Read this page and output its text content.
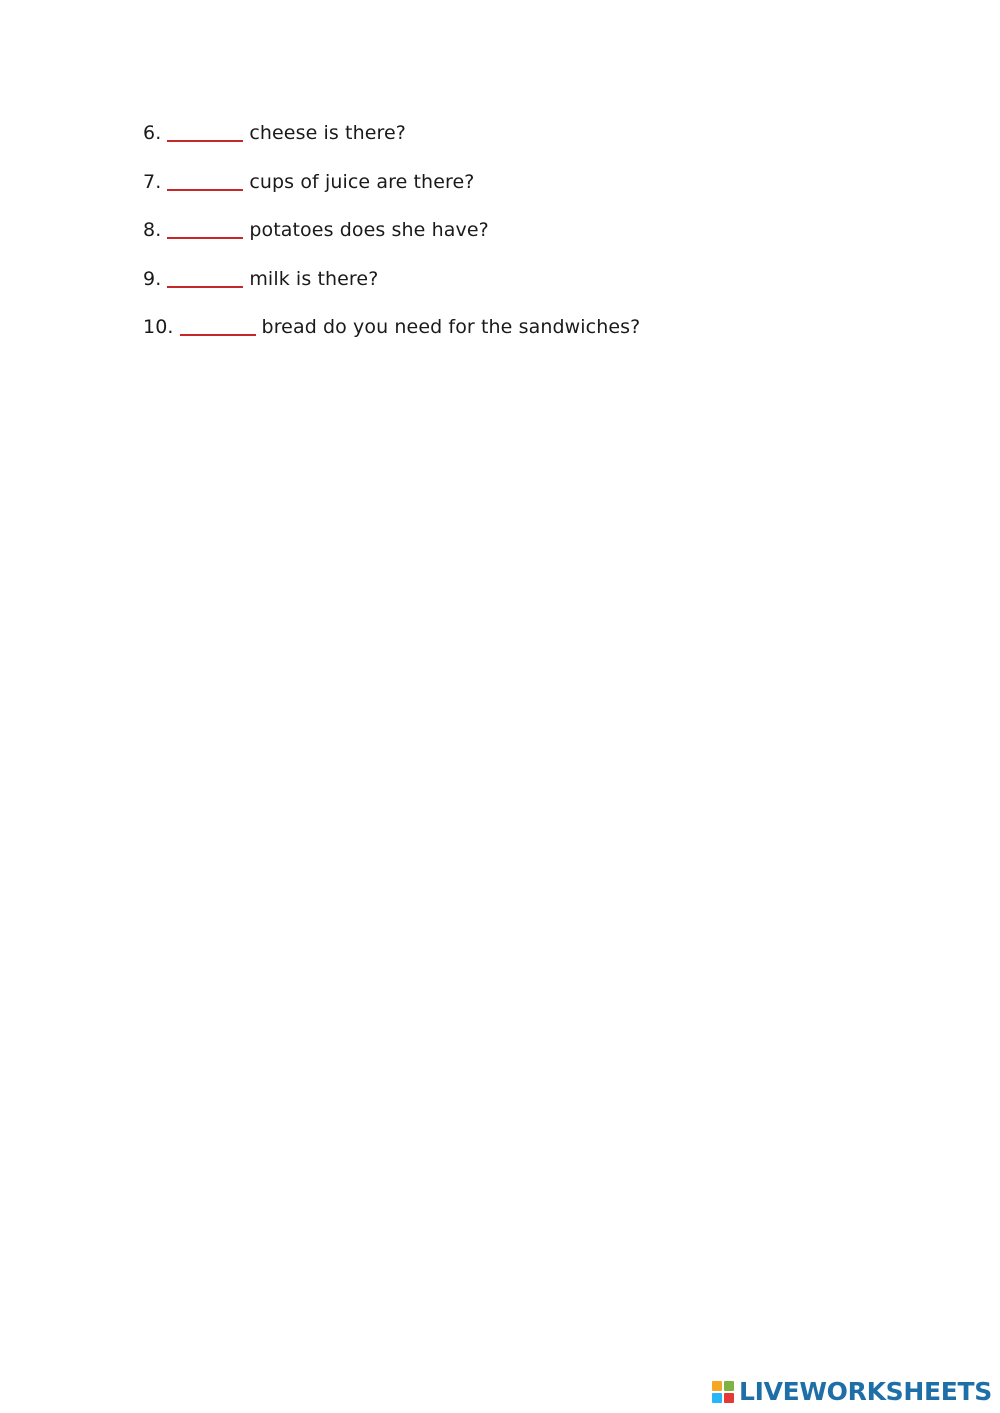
6.	cheese is there?
7.	cups of juice are there?
8.	potatoes does she have?
9.	milk is there?
10.	bread do you need for the sandwiches?
LIVEWORKSHEETS
